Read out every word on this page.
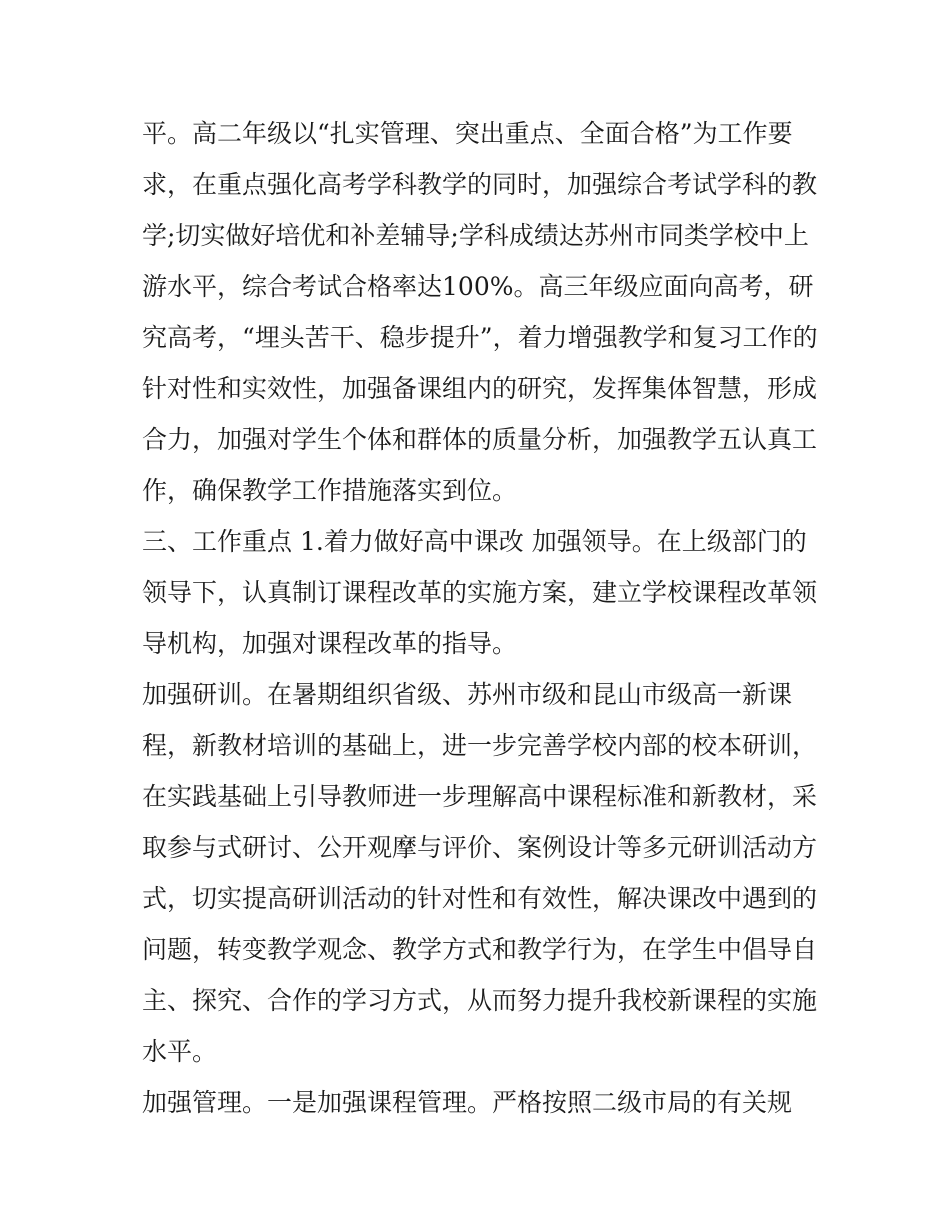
平。高二年级以“扎实管理、突出重点、全面合格”为工作要
求，在重点强化高考学科教学的同时，加强综合考试学科的教
学;切实做好培优和补差辅导;学科成绩达苏州市同类学校中上
游水平，综合考试合格率达100%。高三年级应面向高考，研
究高考，“埋头苦干、稳步提升”，着力增强教学和复习工作的
针对性和实效性，加强备课组内的研究，发挥集体智慧，形成
合力，加强对学生个体和群体的质量分析，加强教学五认真工
作，确保教学工作措施落实到位。
三、工作重点 1.着力做好高中课改 加强领导。在上级部门的
领导下，认真制订课程改革的实施方案，建立学校课程改革领
导机构，加强对课程改革的指导。
加强研训。在暑期组织省级、苏州市级和昆山市级高一新课
程，新教材培训的基础上，进一步完善学校内部的校本研训，
在实践基础上引导教师进一步理解高中课程标准和新教材，采
取参与式研讨、公开观摩与评价、案例设计等多元研训活动方
式，切实提高研训活动的针对性和有效性，解决课改中遇到的
问题，转变教学观念、教学方式和教学行为，在学生中倡导自
主、探究、合作的学习方式，从而努力提升我校新课程的实施
水平。
加强管理。一是加强课程管理。严格按照二级市局的有关规
